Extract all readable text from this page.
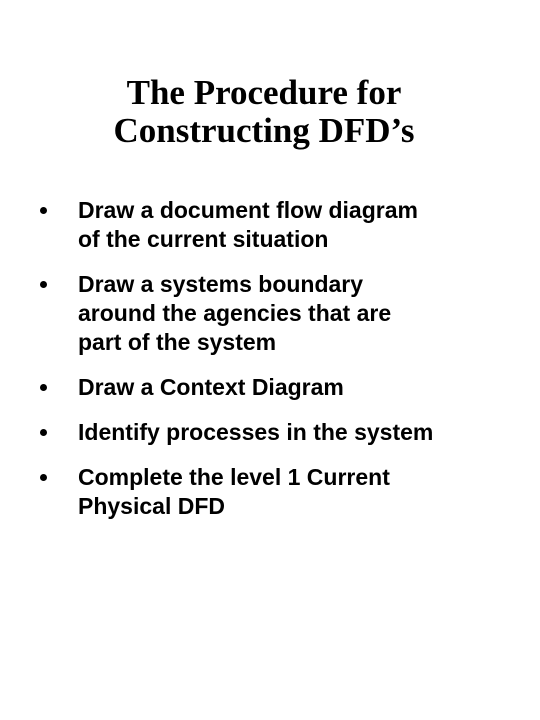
The Procedure for
Constructing DFD’s
Draw a document flow diagram
of the current situation
Draw a systems boundary
around the agencies that are
part of the system
Draw a Context Diagram
Identify processes in the system
Complete the level 1 Current
Physical DFD
